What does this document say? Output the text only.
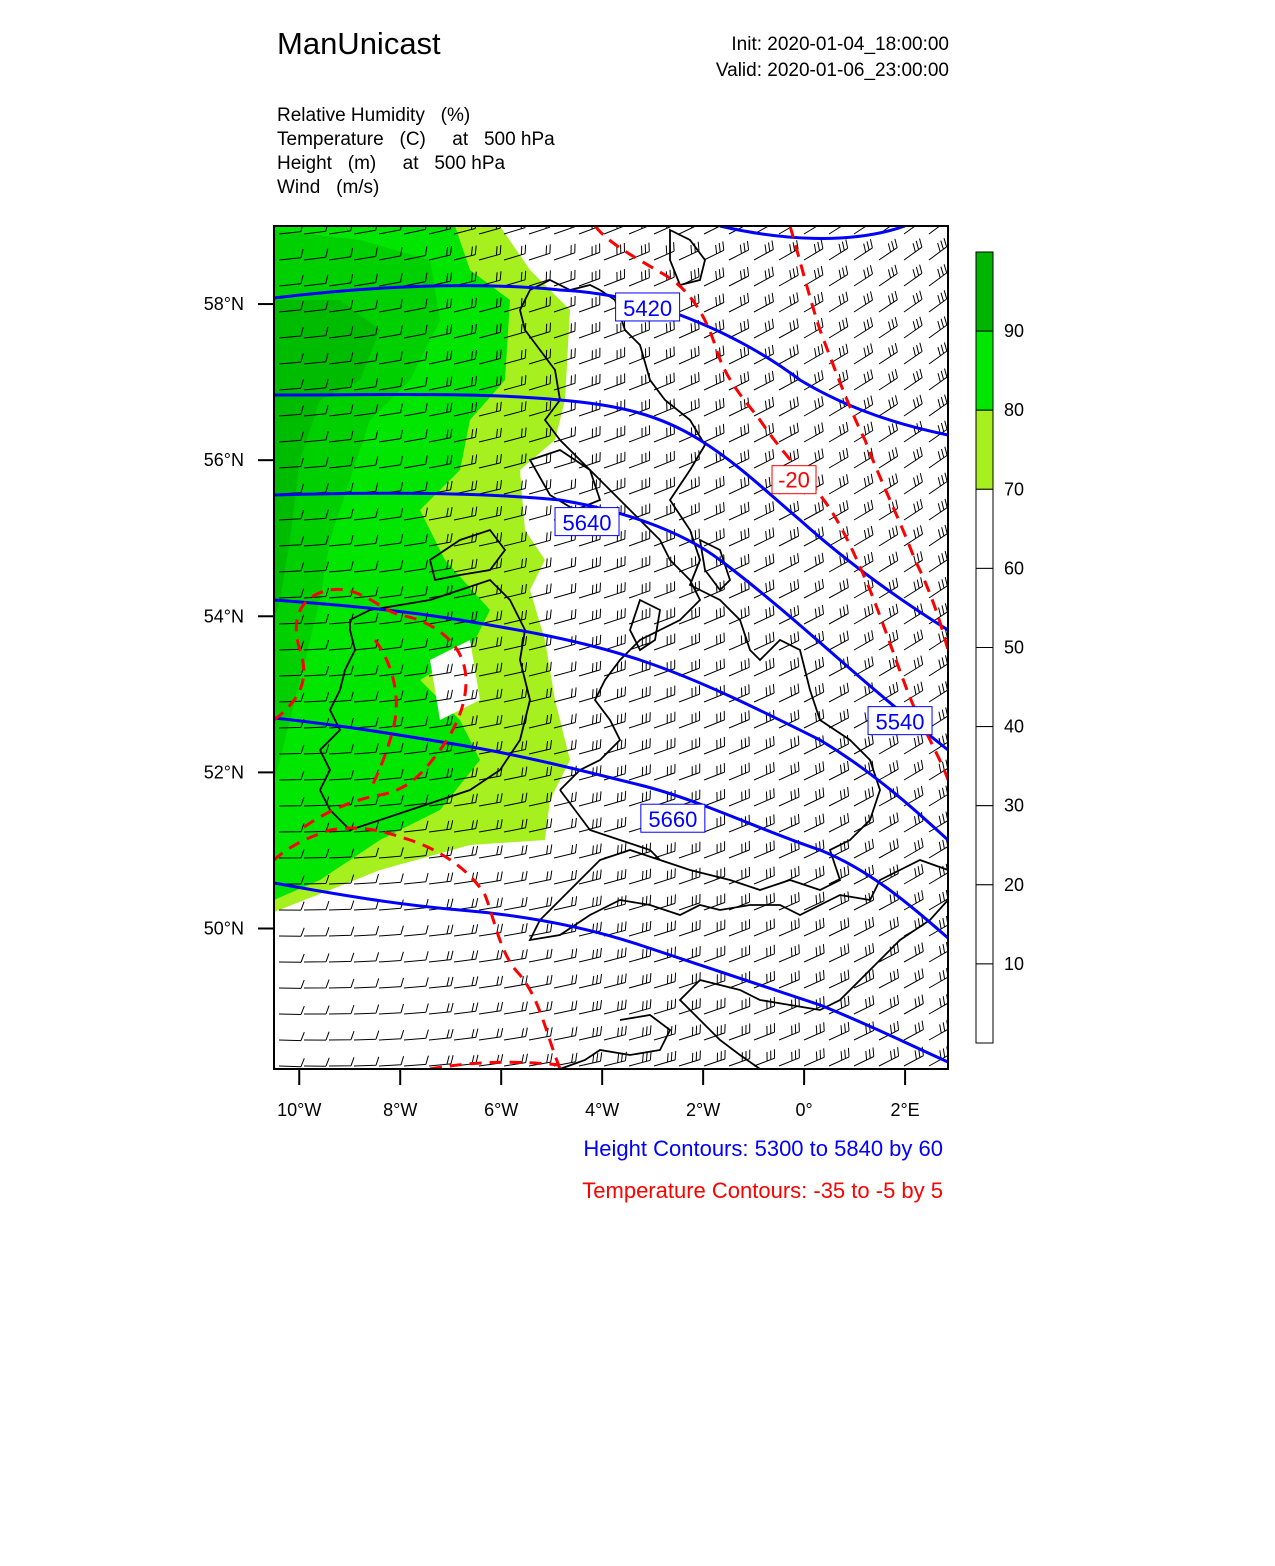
ManUnicast	Init: 2020-01-04_18:00:00
Valid: 2020-01-06_23:00:00
Relative Humidity   (%)
Temperature   (C)     at   500 hPa
Height   (m)     at   500 hPa
Wind   (m/s)
58°N
56°N
54°N
52°N
50°N
10°W	8°W	6°W	4°W	2°W	0°	2°E
5420
5640
5540
5660
-20
90
80
70
60
50
40
30
20
10
Height Contours: 5300 to 5840 by 60
Temperature Contours: -35 to -5 by 5
